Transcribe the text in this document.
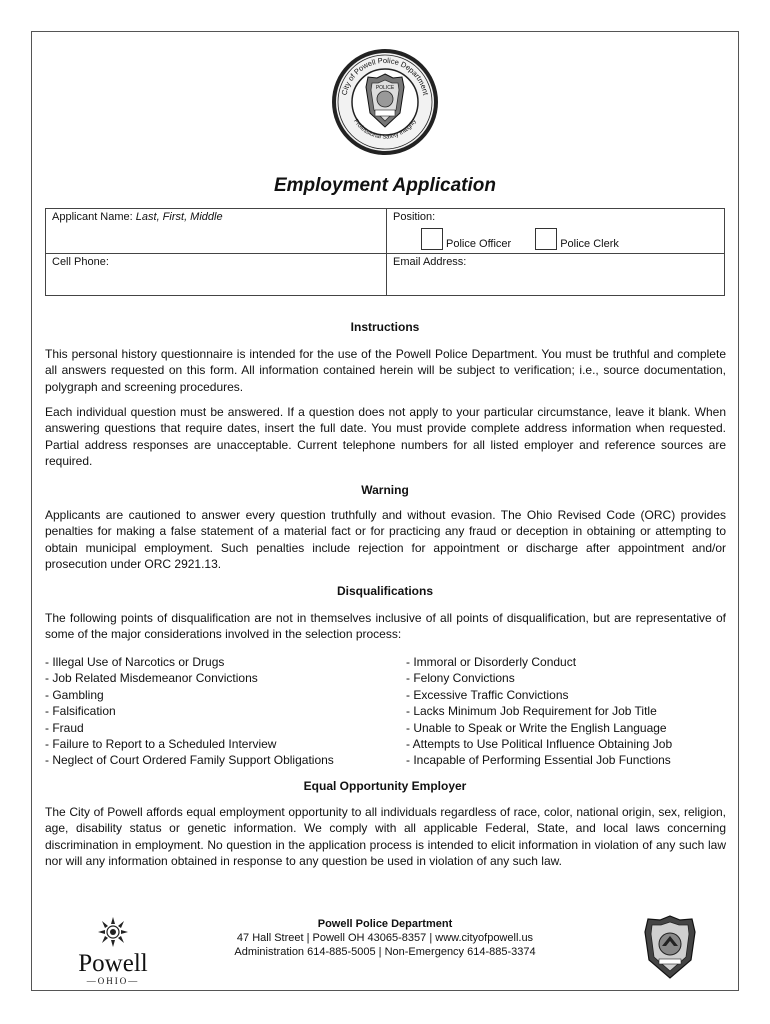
City of Powell Police Department
Professional Safety Integrity
POLICE
Employment Application
Applicant Name: Last, First, Middle	Position:
Police Officer Police Clerk

Cell Phone:	Email Address:
Instructions

This personal history questionnaire is intended for the use of the Powell Police Department. You must be truthful and complete all answers requested on this form. All information contained herein will be subject to verification; i.e., source documentation, polygraph and screening procedures.

Each individual question must be answered. If a question does not apply to your particular circumstance, leave it blank. When answering questions that require dates, insert the full date. You must provide complete address information when requested. Partial address responses are unacceptable. Current telephone numbers for all listed employer and reference sources are required.

Warning

Applicants are cautioned to answer every question truthfully and without evasion. The Ohio Revised Code (ORC) provides penalties for making a false statement of a material fact or for practicing any fraud or deception in obtaining or attempting to obtain municipal employment. Such penalties include rejection for appointment or discharge after appointment and/or prosecution under ORC 2921.13.

Disqualifications

The following points of disqualification are not in themselves inclusive of all points of disqualification, but are representative of some of the major considerations involved in the selection process:

- Illegal Use of Narcotics or Drugs
- Job Related Misdemeanor Convictions
- Gambling
- Falsification
- Fraud
- Failure to Report to a Scheduled Interview
- Neglect of Court Ordered Family Support Obligations
- Immoral or Disorderly Conduct
- Felony Convictions
- Excessive Traffic Convictions
- Lacks Minimum Job Requirement for Job Title
- Unable to Speak or Write the English Language
- Attempts to Use Political Influence Obtaining Job
- Incapable of Performing Essential Job Functions
Equal Opportunity Employer

The City of Powell affords equal employment opportunity to all individuals regardless of race, color, national origin, sex, religion, age, disability status or genetic information. We comply with all applicable Federal, State, and local laws concerning discrimination in employment. No question in the application process is intended to elicit information in violation of any such law nor will any information obtained in response to any question be used in violation of any such law.

Powell
—OHIO—
Powell Police Department
47 Hall Street | Powell OH 43065-8357 | www.cityofpowell.us
Administration 614-885-5005 | Non-Emergency 614-885-3374
